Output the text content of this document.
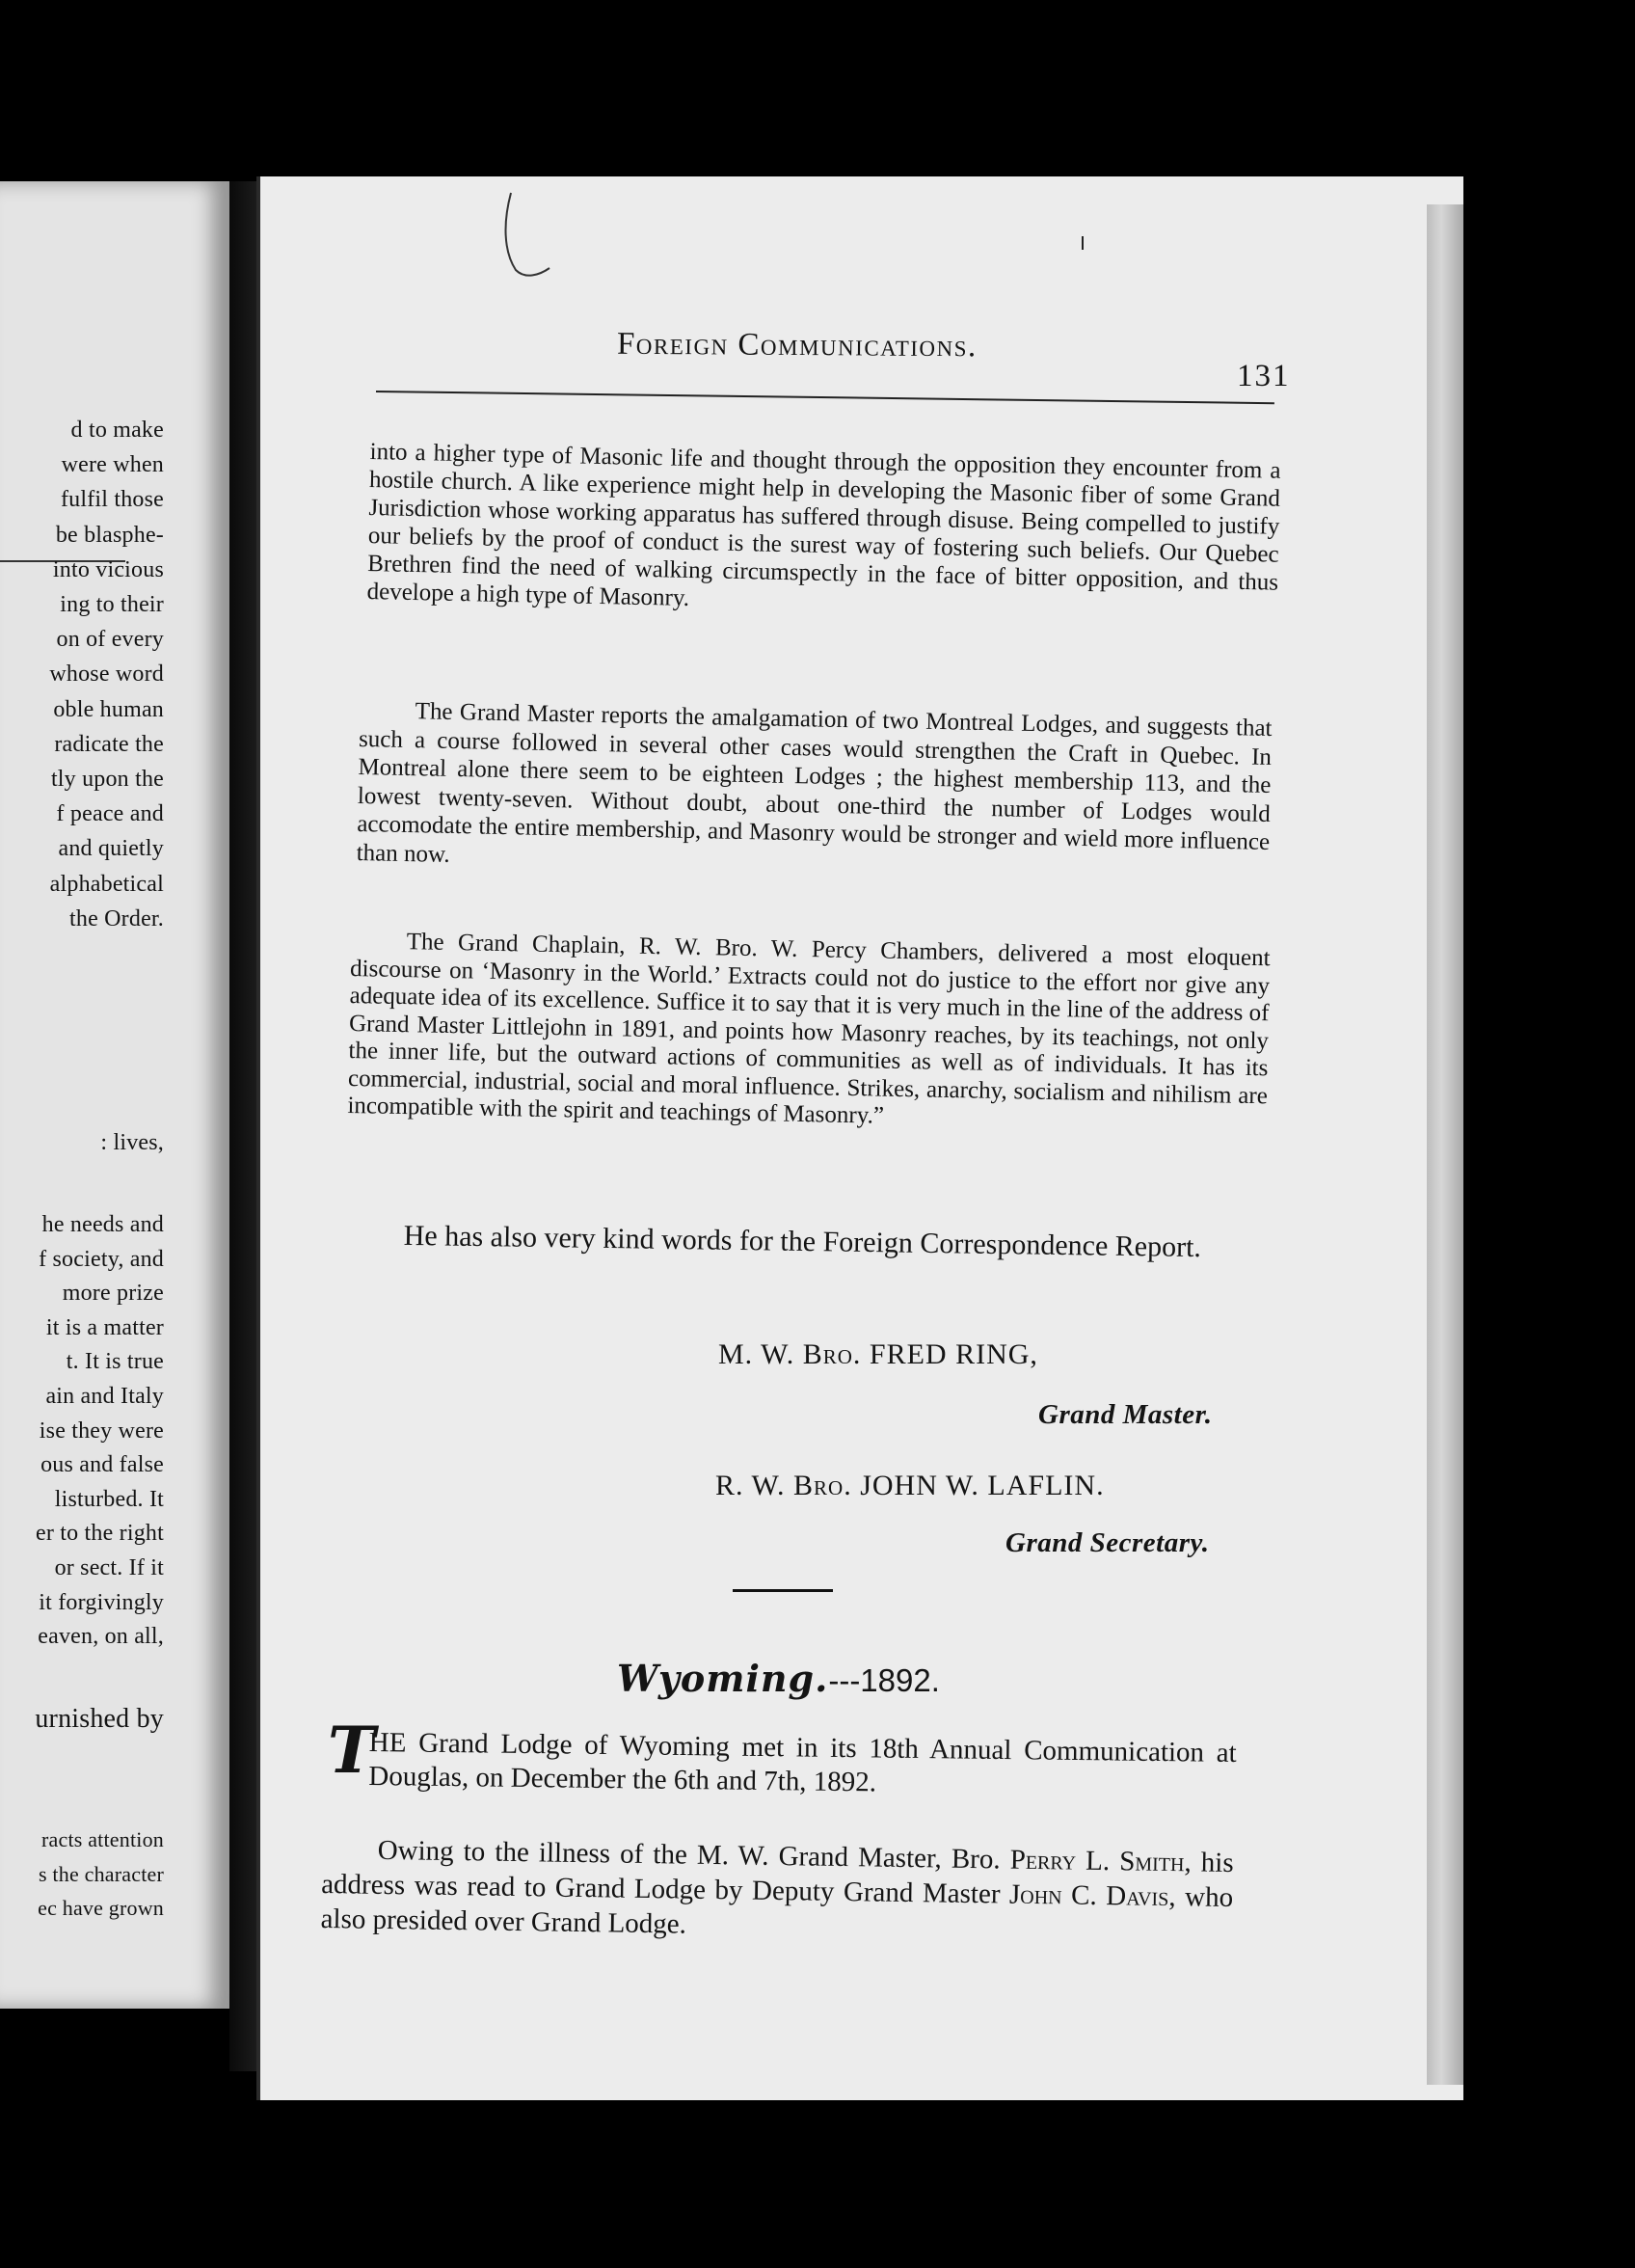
d to make
were when
fulfil those
be blasphe-
into vicious
ing to their
on of every
whose word
oble human
radicate the
tly upon the
f peace and
and quietly
alphabetical
the Order.
: lives,
he needs and
f society, and
more prize
it is a matter
t. It is true
ain and Italy
ise they were
ous and false
listurbed. It
er to the right
or sect. If it
it forgivingly
eaven, on all,
urnished by
racts attention
s the character
ec have grown
Foreign Communications.
131

into a higher type of Masonic life and thought through the opposition they encounter from a hostile church. A like experience might help in developing the Masonic fiber of some Grand Jurisdiction whose working apparatus has suffered through disuse. Being compelled to justify our beliefs by the proof of conduct is the surest way of fostering such beliefs. Our Quebec Brethren find the need of walking circumspectly in the face of bitter opposition, and thus develope a high type of Masonry.

The Grand Master reports the amalgamation of two Montreal Lodges, and suggests that such a course followed in several other cases would strengthen the Craft in Quebec. In Montreal alone there seem to be eighteen Lodges ; the highest membership 113, and the lowest twenty-seven. Without doubt, about one-third the number of Lodges would accomodate the entire membership, and Masonry would be stronger and wield more influence than now.

The Grand Chaplain, R. W. Bro. W. Percy Chambers, delivered a most eloquent discourse on ‘Masonry in the World.’ Extracts could not do justice to the effort nor give any adequate idea of its excellence. Suffice it to say that it is very much in the line of the address of Grand Master Littlejohn in 1891, and points how Masonry reaches, by its teachings, not only the inner life, but the outward actions of communities as well as of individuals. It has its commercial, industrial, social and moral influence. Strikes, anarchy, socialism and nihilism are incompatible with the spirit and teachings of Masonry.”

He has also very kind words for the Foreign Correspondence Report.

M. W. Bro. FRED RING,
Grand Master.
R. W. Bro. JOHN W. LAFLIN.
Grand Secretary.
Wyoming.---1892.
T

HE Grand Lodge of Wyoming met in its 18th Annual Communication at Douglas, on December the 6th and 7th, 1892.

Owing to the illness of the M. W. Grand Master, Bro. Perry L. Smith, his address was read to Grand Lodge by Deputy Grand Master John C. Davis, who also presided over Grand Lodge.
